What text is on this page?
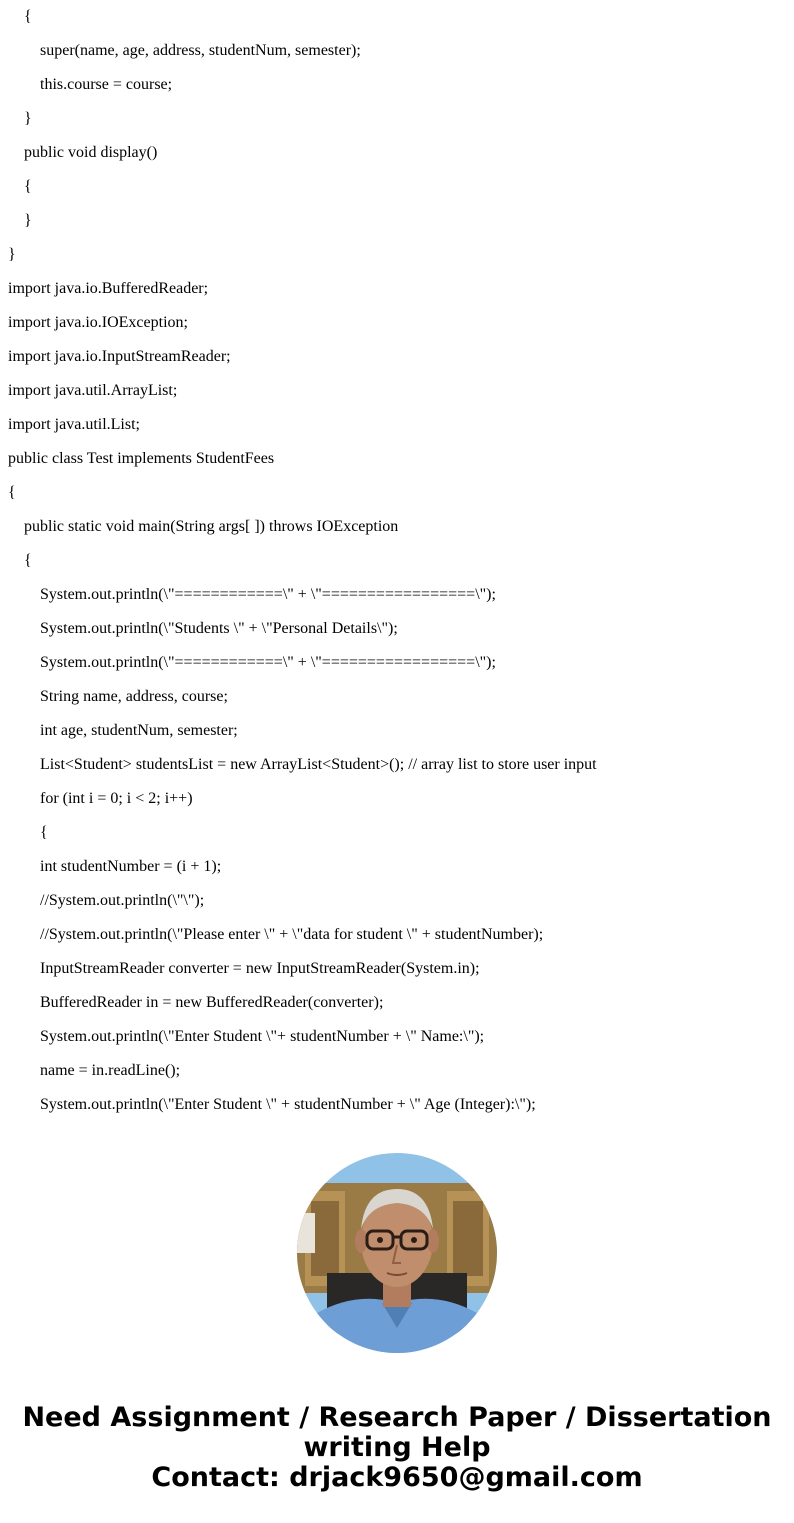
{

super(name, age, address, studentNum, semester);

this.course = course;

}

public void display()

{

}

}

import java.io.BufferedReader;

import java.io.IOException;

import java.io.InputStreamReader;

import java.util.ArrayList;

import java.util.List;

public class Test implements StudentFees

{

public static void main(String args[ ]) throws IOException

{

System.out.println(\"============\" + \"=================\");

System.out.println(\"Students \" + \"Personal Details\");

System.out.println(\"============\" + \"=================\");

String name, address, course;

int age, studentNum, semester;

List<Student> studentsList = new ArrayList<Student>(); // array list to store user input

for (int i = 0; i < 2; i++)

{

int studentNumber = (i + 1);

//System.out.println(\"\");

//System.out.println(\"Please enter \" + \"data for student \" + studentNumber);

InputStreamReader converter = new InputStreamReader(System.in);

BufferedReader in = new BufferedReader(converter);

System.out.println(\"Enter Student \"+ studentNumber + \" Name:\");

name = in.readLine();

System.out.println(\"Enter Student \" + studentNumber + \" Age (Integer):\");

Need Assignment / Research Paper / Dissertation
writing Help
Contact: drjack9650@gmail.com
